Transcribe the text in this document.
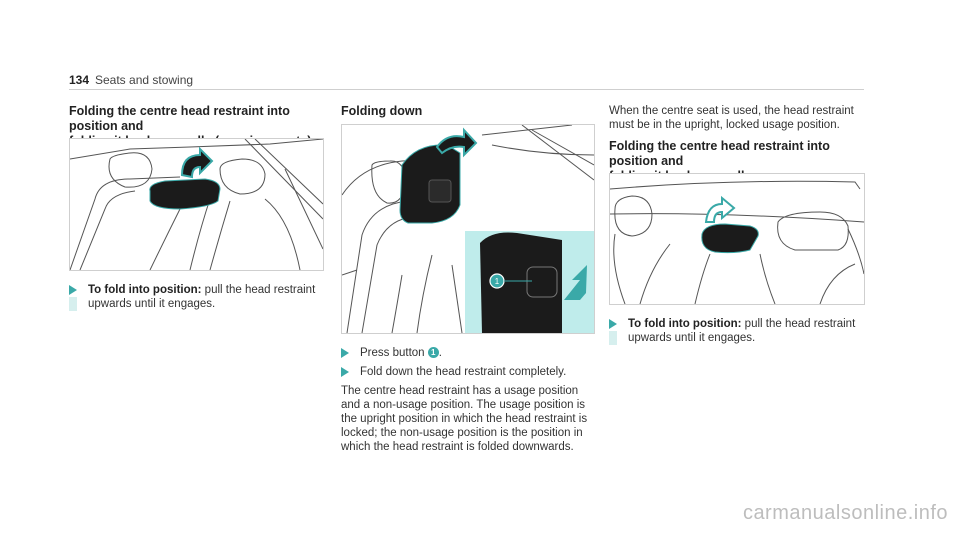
134 Seats and stowing
Folding the centre head restraint into position and
To fold into position: pull the head restraint
upwards until it engages.
Folding down
1
Press button 1 .
Fold down the head restraint completely.

The centre head restraint has a usage position

and a non-usage position. The usage position is

the upright position in which the head restraint is

locked; the non-usage position is the position in

which the head restraint is folded downwards.

When the centre seat is used, the head restraint

must be in the upright, locked usage position.

Folding the centre head restraint into position and
To fold into position: pull the head restraint
upwards until it engages.
carmanualsonline.info
